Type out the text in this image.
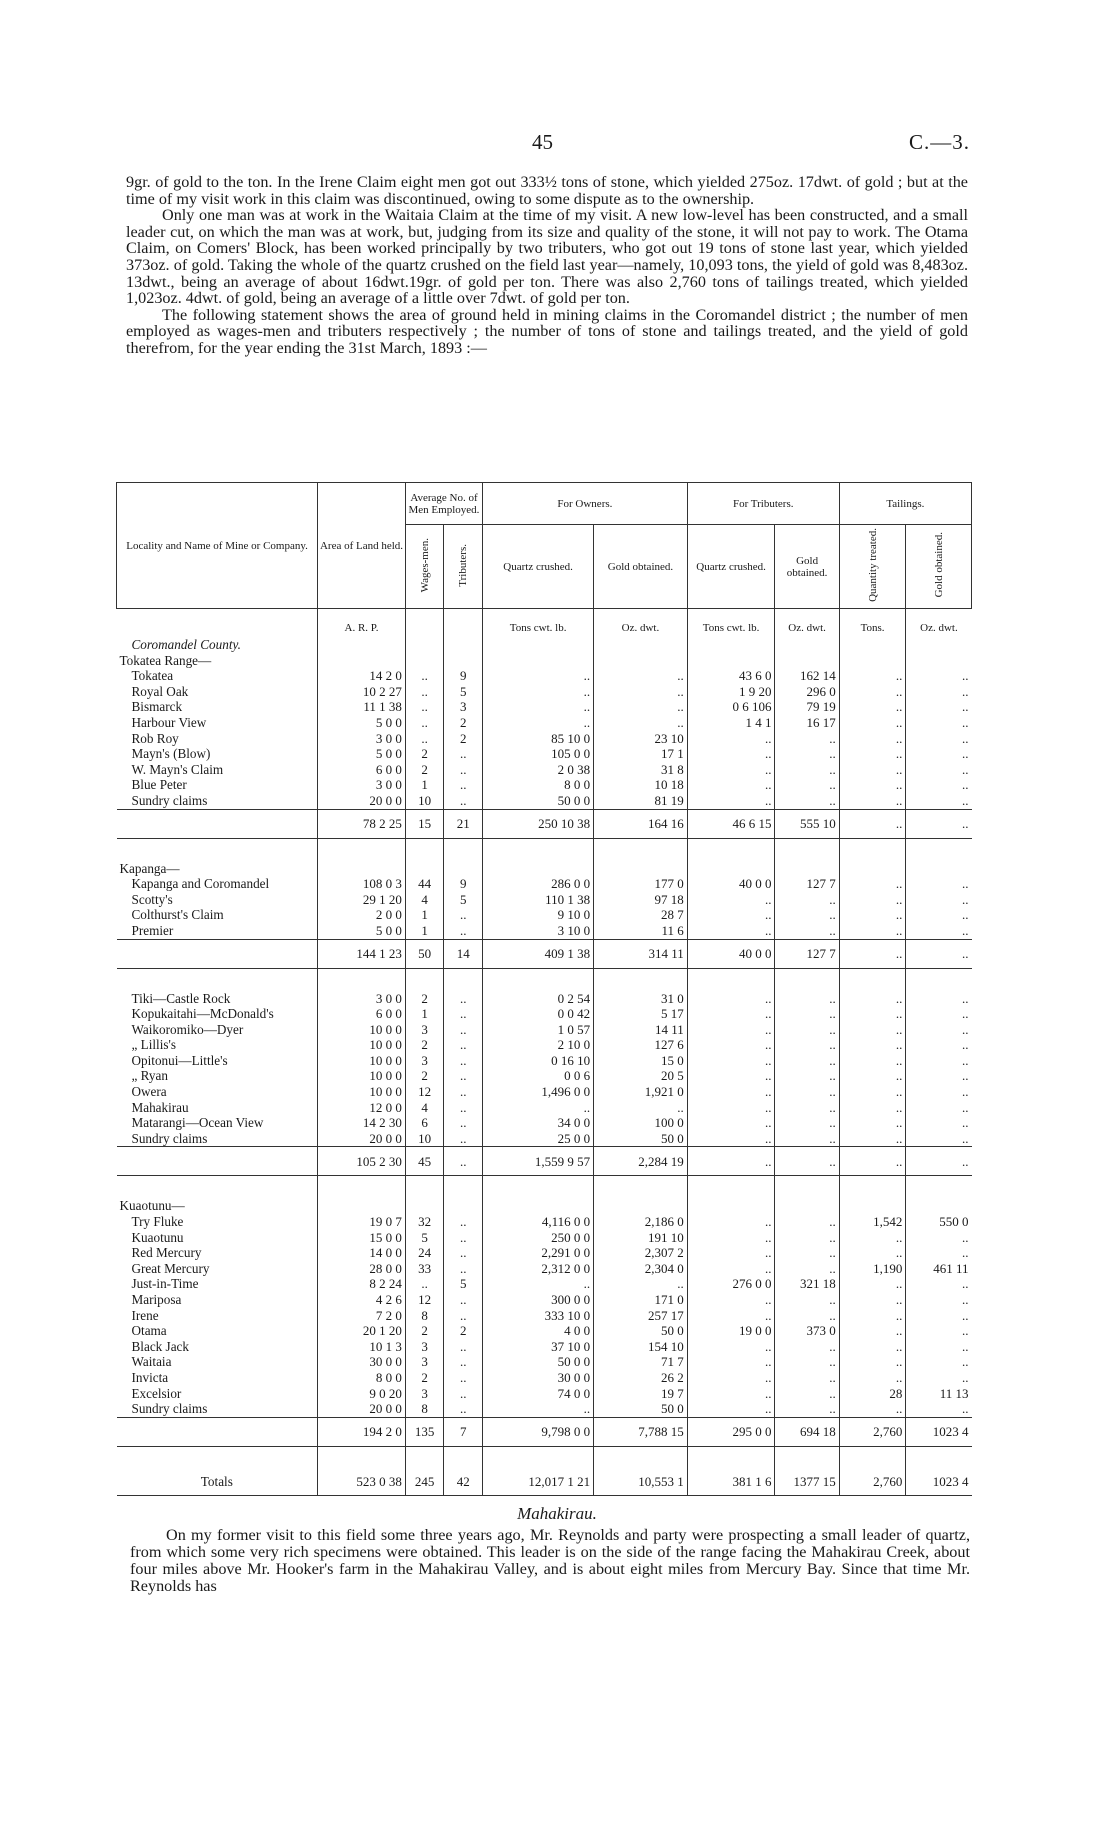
45	C.—3.

9gr. of gold to the ton. In the Irene Claim eight men got out 333½ tons of stone, which yielded 275oz. 17dwt. of gold ; but at the time of my visit work in this claim was discontinued, owing to some dispute as to the ownership.

Only one man was at work in the Waitaia Claim at the time of my visit. A new low-level has been constructed, and a small leader cut, on which the man was at work, but, judging from its size and quality of the stone, it will not pay to work. The Otama Claim, on Comers' Block, has been worked principally by two tributers, who got out 19 tons of stone last year, which yielded 373oz. of gold. Taking the whole of the quartz crushed on the field last year—namely, 10,093 tons, the yield of gold was 8,483oz. 13dwt., being an average of about 16dwt.19gr. of gold per ton. There was also 2,760 tons of tailings treated, which yielded 1,023oz. 4dwt. of gold, being an average of a little over 7dwt. of gold per ton.

The following statement shows the area of ground held in mining claims in the Coromandel district ; the number of men employed as wages-men and tributers respectively ; the number of tons of stone and tailings treated, and the yield of gold therefrom, for the year ending the 31st March, 1893 :—

Locality and Name of Mine or Company.	Area of Land held.	Average No. of Men Employed.		For Owners.		For Tributers.		Tailings.	
		Wages-men.	Tributers.	Quartz crushed.	Gold obtained.	Quartz crushed.	Gold obtained.	Quantity treated.	Gold obtained.
	A. R. P.			Tons cwt. lb.	Oz. dwt.	Tons cwt. lb.	Oz. dwt.	Tons.	Oz. dwt.
Coromandel County.									
Tokatea Range—									
Tokatea	14 2 0	..	9	..	..	43 6 0	162 14	..	..
Royal Oak	10 2 27	..	5	..	..	1 9 20	296 0	..	..
Bismarck	11 1 38	..	3	..	..	0 6 106	79 19	..	..
Harbour View	5 0 0	..	2	..	..	1 4 1	16 17	..	..
Rob Roy	3 0 0	..	2	85 10 0	23 10	..	..	..	..
Mayn's (Blow)	5 0 0	2	..	105 0 0	17 1	..	..	..	..
W. Mayn's Claim	6 0 0	2	..	2 0 38	31 8	..	..	..	..
Blue Peter	3 0 0	1	..	8 0 0	10 18	..	..	..	..
Sundry claims	20 0 0	10	..	50 0 0	81 19	..	..	..	..
	78 2 25	15	21	250 10 38	164 16	46 6 15	555 10	..	..

Kapanga—									
Kapanga and Coromandel	108 0 3	44	9	286 0 0	177 0	40 0 0	127 7	..	..
Scotty's	29 1 20	4	5	110 1 38	97 18	..	..	..	..
Colthurst's Claim	2 0 0	1	..	9 10 0	28 7	..	..	..	..
Premier	5 0 0	1	..	3 10 0	11 6	..	..	..	..
	144 1 23	50	14	409 1 38	314 11	40 0 0	127 7	..	..

Tiki—Castle Rock	3 0 0	2	..	0 2 54	31 0	..	..	..	..
Kopukaitahi—McDonald's	6 0 0	1	..	0 0 42	5 17	..	..	..	..
Waikoromiko—Dyer	10 0 0	3	..	1 0 57	14 11	..	..	..	..
„ Lillis's	10 0 0	2	..	2 10 0	127 6	..	..	..	..
Opitonui—Little's	10 0 0	3	..	0 16 10	15 0	..	..	..	..
„ Ryan	10 0 0	2	..	0 0 6	20 5	..	..	..	..
Owera	10 0 0	12	..	1,496 0 0	1,921 0	..	..	..	..
Mahakirau	12 0 0	4	..	..	..	..	..	..	..
Matarangi—Ocean View	14 2 30	6	..	34 0 0	100 0	..	..	..	..
Sundry claims	20 0 0	10	..	25 0 0	50 0	..	..	..	..
	105 2 30	45	..	1,559 9 57	2,284 19	..	..	..	..

Kuaotunu—									
Try Fluke	19 0 7	32	..	4,116 0 0	2,186 0	..	..	1,542	550 0
Kuaotunu	15 0 0	5	..	250 0 0	191 10	..	..	..	..
Red Mercury	14 0 0	24	..	2,291 0 0	2,307 2	..	..	..	..
Great Mercury	28 0 0	33	..	2,312 0 0	2,304 0	..	..	1,190	461 11
Just-in-Time	8 2 24	..	5	..	..	276 0 0	321 18	..	..
Mariposa	4 2 6	12	..	300 0 0	171 0	..	..	..	..
Irene	7 2 0	8	..	333 10 0	257 17	..	..	..	..
Otama	20 1 20	2	2	4 0 0	50 0	19 0 0	373 0	..	..
Black Jack	10 1 3	3	..	37 10 0	154 10	..	..	..	..
Waitaia	30 0 0	3	..	50 0 0	71 7	..	..	..	..
Invicta	8 0 0	2	..	30 0 0	26 2	..	..	..	..
Excelsior	9 0 20	3	..	74 0 0	19 7	..	..	28	11 13
Sundry claims	20 0 0	8	..	..	50 0	..	..	..	..
	194 2 0	135	7	9,798 0 0	7,788 15	295 0 0	694 18	2,760	1023 4

Totals	523 0 38	245	42	12,017 1 21	10,553 1	381 1 6	1377 15	2,760	1023 4
Mahakirau.
On my former visit to this field some three years ago, Mr. Reynolds and party were prospecting a small leader of quartz, from which some very rich specimens were obtained. This leader is on the side of the range facing the Mahakirau Creek, about four miles above Mr. Hooker's farm in the Mahakirau Valley, and is about eight miles from Mercury Bay. Since that time Mr. Reynolds has
